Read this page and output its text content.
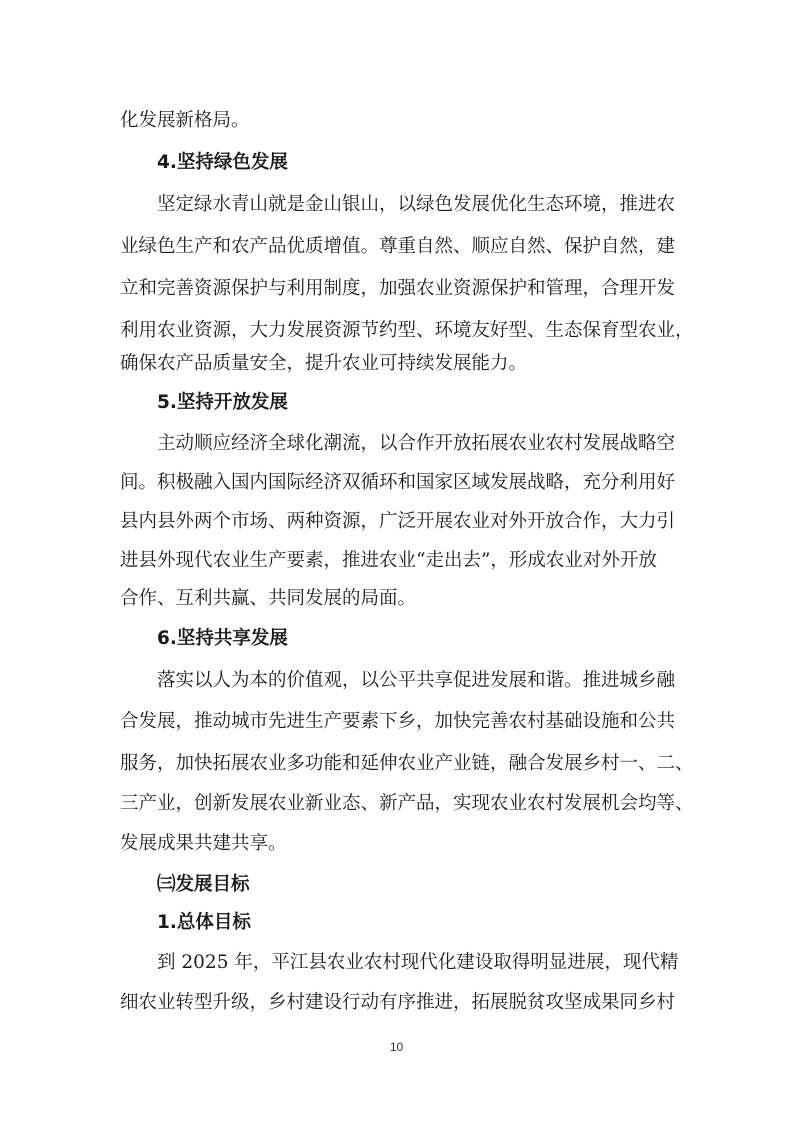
化发展新格局。

4.坚持绿色发展

坚定绿水青山就是金山银山，以绿色发展优化生态环境，推进农

业绿色生产和农产品优质增值。尊重自然、顺应自然、保护自然，建

立和完善资源保护与利用制度，加强农业资源保护和管理，合理开发

利用农业资源，大力发展资源节约型、环境友好型、生态保育型农业，

确保农产品质量安全，提升农业可持续发展能力。

5.坚持开放发展

主动顺应经济全球化潮流，以合作开放拓展农业农村发展战略空

间。积极融入国内国际经济双循环和国家区域发展战略，充分利用好

县内县外两个市场、两种资源，广泛开展农业对外开放合作，大力引

进县外现代农业生产要素，推进农业“走出去”，形成农业对外开放

合作、互利共赢、共同发展的局面。

6.坚持共享发展

落实以人为本的价值观，以公平共享促进发展和谐。推进城乡融

合发展，推动城市先进生产要素下乡，加快完善农村基础设施和公共

服务，加快拓展农业多功能和延伸农业产业链，融合发展乡村一、二、

三产业，创新发展农业新业态、新产品，实现农业农村发展机会均等、

发展成果共建共享。

㈢发展目标
1.总体目标

到 2025 年，平江县农业农村现代化建设取得明显进展，现代精

细农业转型升级，乡村建设行动有序推进，拓展脱贫攻坚成果同乡村

10
